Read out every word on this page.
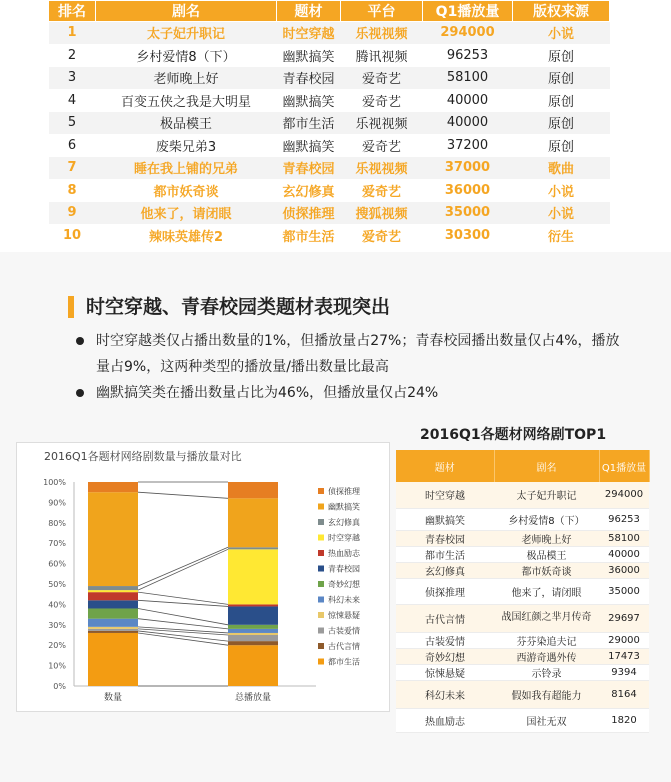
排名	剧名	题材	平台	Q1播放量	版权来源
1	太子妃升职记	时空穿越	乐视视频	294000	小说
2	乡村爱情8（下）	幽默搞笑	腾讯视频	96253	原创
3	老师晚上好	青春校园	爱奇艺	58100	原创
4	百变五侠之我是大明星	幽默搞笑	爱奇艺	40000	原创
5	极品模王	都市生活	乐视视频	40000	原创
6	废柴兄弟3	幽默搞笑	爱奇艺	37200	原创
7	睡在我上铺的兄弟	青春校园	乐视视频	37000	歌曲
8	都市妖奇谈	玄幻修真	爱奇艺	36000	小说
9	他来了，请闭眼	侦探推理	搜狐视频	35000	小说
10	辣味英雄传2	都市生活	爱奇艺	30300	衍生
时空穿越、青春校园类题材表现突出
时空穿越类仅占播出数量的1%，但播放量占27%；青春校园播出数量仅占4%，播放量占9%，这两种类型的播放量/播出数量比最高
幽默搞笑类在播出数量占比为46%，但播放量仅占24%
2016Q1各题材网络剧TOP1
2016Q1各题材网络剧数量与播放量对比
0%
10%
20%
30%
40%
50%
60%
70%
80%
90%
100%
数量	总播放量
侦探推理
幽默搞笑
玄幻修真
时空穿越
热血励志
青春校园
奇妙幻想
科幻未来
惊悚悬疑
古装爱情
古代言情
都市生活
题材	剧名	Q1播放量
时空穿越	太子妃升职记	294000
幽默搞笑	乡村爱情8（下）	96253
青春校园	老师晚上好	58100
都市生活	极品模王	40000
玄幻修真	都市妖奇谈	36000
侦探推理	他来了，请闭眼	35000
古代言情	战国红颜之芈月传奇	29697
古装爱情	芬芬染追夫记	29000
奇妙幻想	西游奇遇外传	17473
惊悚悬疑	示铃录	9394
科幻未来	假如我有超能力	8164
热血励志	国社无双	1820
